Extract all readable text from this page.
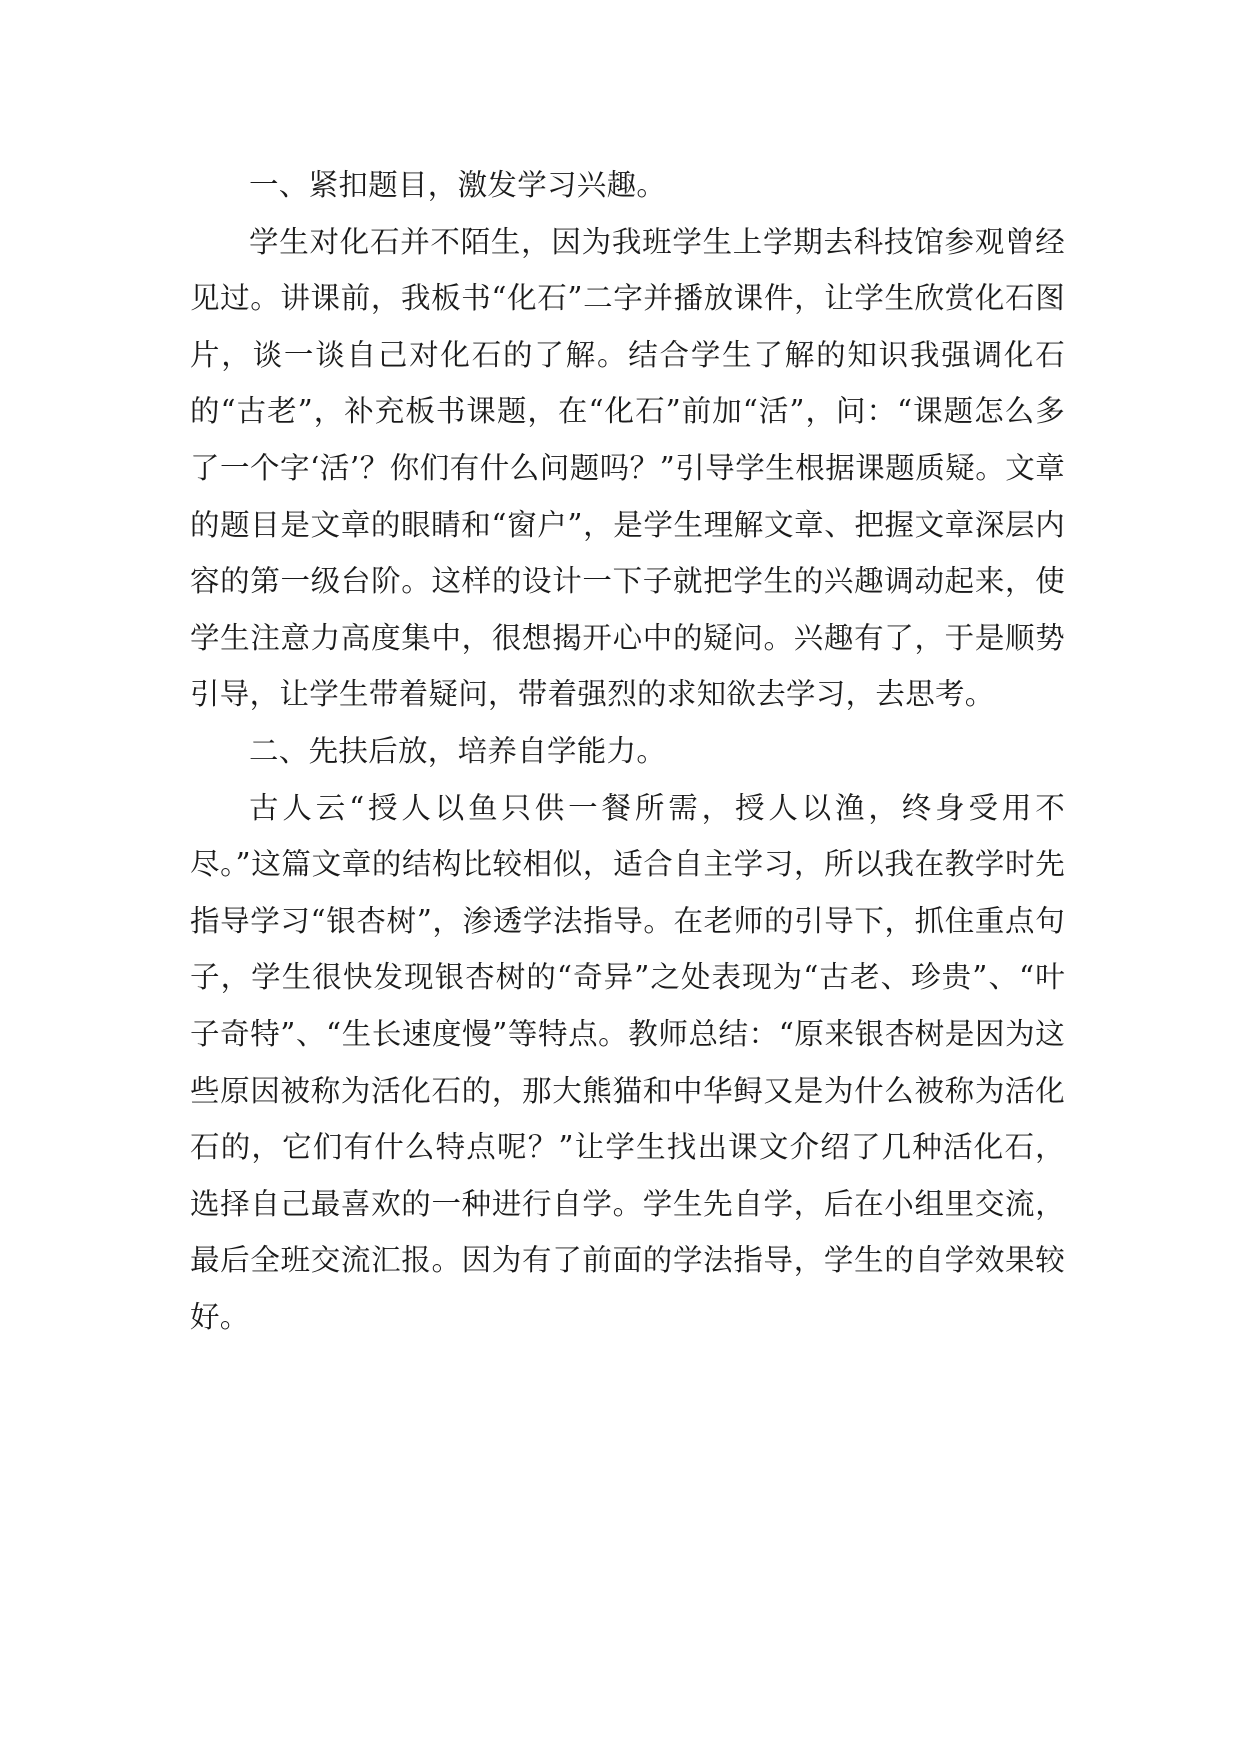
一、紧扣题目，激发学习兴趣。

学生对化石并不陌生，因为我班学生上学期去科技馆参观曾经见过。讲课前，我板书“化石”二字并播放课件，让学生欣赏化石图片，谈一谈自己对化石的了解。结合学生了解的知识我强调化石的“古老”，补充板书课题，在“化石”前加“活”，问：“课题怎么多了一个字‘活’？你们有什么问题吗？”引导学生根据课题质疑。文章的题目是文章的眼睛和“窗户”，是学生理解文章、把握文章深层内容的第一级台阶。这样的设计一下子就把学生的兴趣调动起来，使学生注意力高度集中，很想揭开心中的疑问。兴趣有了，于是顺势引导，让学生带着疑问，带着强烈的求知欲去学习，去思考。

二、先扶后放，培养自学能力。

古人云“授人以鱼只供一餐所需，授人以渔，终身受用不尽。”这篇文章的结构比较相似，适合自主学习，所以我在教学时先指导学习“银杏树”，渗透学法指导。在老师的引导下，抓住重点句子，学生很快发现银杏树的“奇异”之处表现为“古老、珍贵”、“叶子奇特”、“生长速度慢”等特点。教师总结：“原来银杏树是因为这些原因被称为活化石的，那大熊猫和中华鲟又是为什么被称为活化石的，它们有什么特点呢？”让学生找出课文介绍了几种活化石，选择自己最喜欢的一种进行自学。学生先自学，后在小组里交流，最后全班交流汇报。因为有了前面的学法指导，学生的自学效果较好。
